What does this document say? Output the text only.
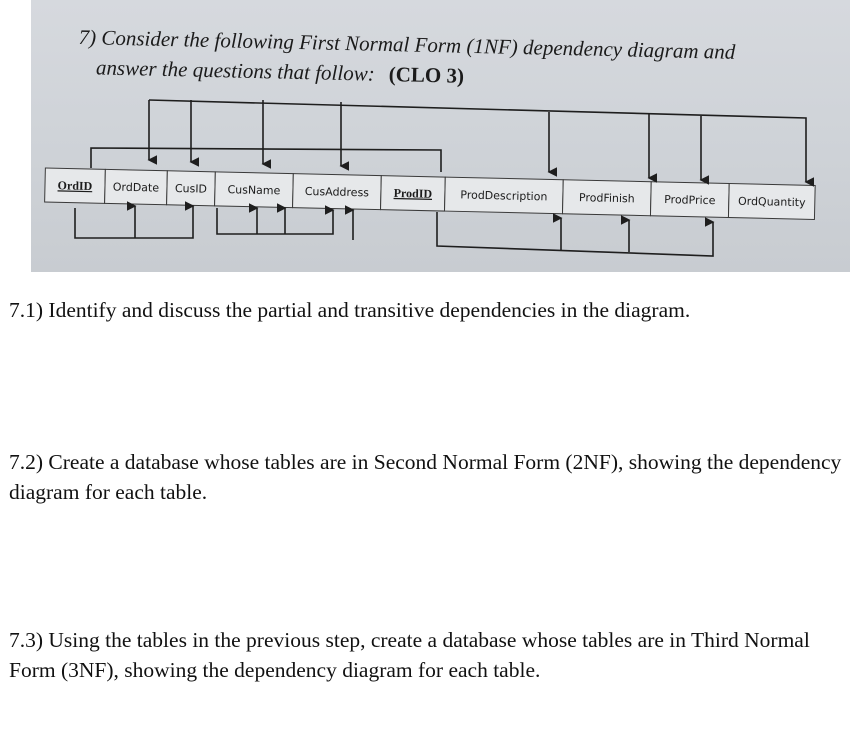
7) Consider the following First Normal Form (1NF) dependency diagram and
answer the questions that follow: (CLO 3)
OrdID OrdDate CusID CusName CusAddress ProdID	ProdDescription	ProdFinish	ProdPrice OrdQuantity

7.1) Identify and discuss the partial and transitive dependencies in the diagram.

7.2) Create a database whose tables are in Second Normal Form (2NF), showing the dependency diagram for each table.

7.3) Using the tables in the previous step, create a database whose tables are in Third Normal Form (3NF), showing the dependency diagram for each table.
